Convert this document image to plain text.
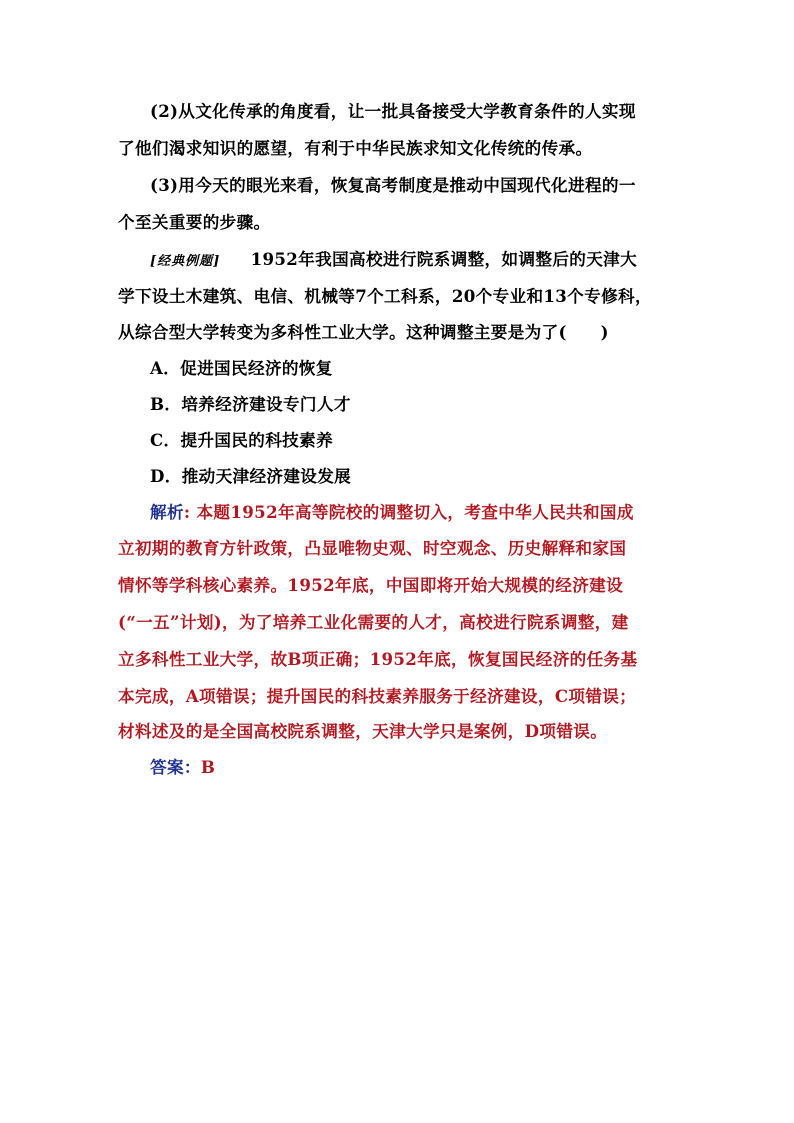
(2)从文化传承的角度看，让一批具备接受大学教育条件的人实现
了他们渴求知识的愿望，有利于中华民族求知文化传统的传承。
(3)用今天的眼光来看，恢复高考制度是推动中国现代化进程的一
个至关重要的步骤。
[经典例题] 1952年我国高校进行院系调整，如调整后的天津大
学下设土木建筑、电信、机械等7个工科系，20个专业和13个专修科，
从综合型大学转变为多科性工业大学。这种调整主要是为了(　　)
A．促进国民经济的恢复
B．培养经济建设专门人才
C．提升国民的科技素养
D．推动天津经济建设发展
解析: 本题1952年高等院校的调整切入，考查中华人民共和国成
立初期的教育方针政策，凸显唯物史观、时空观念、历史解释和家国
情怀等学科核心素养。1952年底，中国即将开始大规模的经济建设
(“一五”计划)，为了培养工业化需要的人才，高校进行院系调整，建
立多科性工业大学，故B项正确；1952年底，恢复国民经济的任务基
本完成，A项错误；提升国民的科技素养服务于经济建设，C项错误；
材料述及的是全国高校院系调整，天津大学只是案例，D项错误。
答案：B
